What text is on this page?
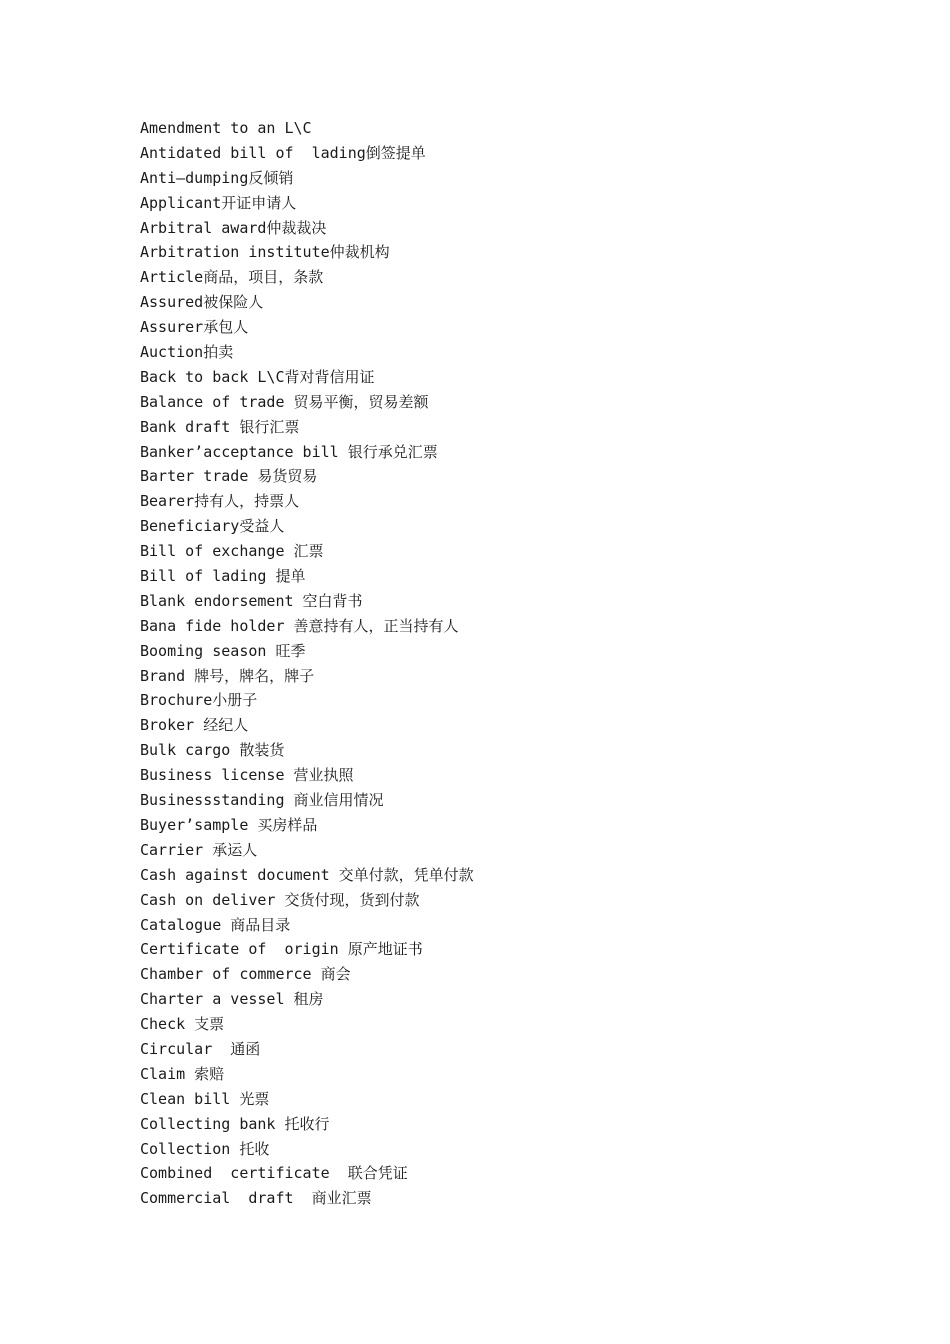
Amendment to an L\C
Antidated bill of  lading倒签提单
Anti—dumping反倾销
Applicant开证申请人
Arbitral award仲裁裁决
Arbitration institute仲裁机构
Article商品，项目，条款
Assured被保险人
Assurer承包人
Auction拍卖
Back to back L\C背对背信用证
Balance of trade 贸易平衡，贸易差额
Bank draft 银行汇票
Banker’acceptance bill 银行承兑汇票
Barter trade 易货贸易
Bearer持有人，持票人
Beneficiary受益人
Bill of exchange 汇票
Bill of lading 提单
Blank endorsement 空白背书
Bana fide holder 善意持有人，正当持有人
Booming season 旺季
Brand 牌号，牌名，牌子
Brochure小册子
Broker 经纪人
Bulk cargo 散装货
Business license 营业执照
Businessstanding 商业信用情况
Buyer’sample 买房样品
Carrier 承运人
Cash against document 交单付款，凭单付款
Cash on deliver 交货付现，货到付款
Catalogue 商品目录
Certificate of  origin 原产地证书
Chamber of commerce 商会
Charter a vessel 租房
Check 支票
Circular  通函
Claim 索赔
Clean bill 光票
Collecting bank 托收行
Collection 托收
Combined  certificate  联合凭证
Commercial  draft  商业汇票
